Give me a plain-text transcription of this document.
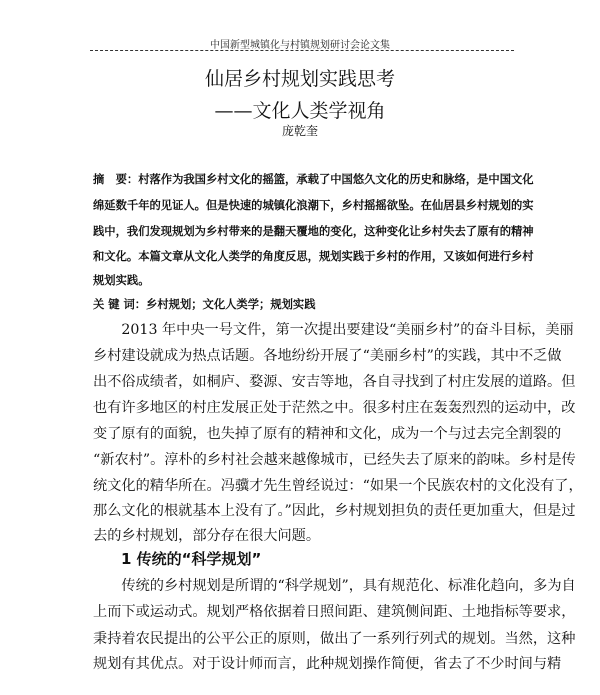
中国新型城镇化与村镇规划研讨会论文集
仙居乡村规划实践思考
——文化人类学视角
庞乾奎
摘　要：村落作为我国乡村文化的摇篮，承载了中国悠久文化的历史和脉络，是中国文化
绵延数千年的见证人。但是快速的城镇化浪潮下，乡村摇摇欲坠。在仙居县乡村规划的实
践中，我们发现规划为乡村带来的是翻天覆地的变化，这种变化让乡村失去了原有的精神
和文化。本篇文章从文化人类学的角度反思，规划实践于乡村的作用，又该如何进行乡村
规划实践。
关 键 词：乡村规划；文化人类学；规划实践
　　2013 年中央一号文件，第一次提出要建设“美丽乡村”的奋斗目标，美丽
乡村建设就成为热点话题。各地纷纷开展了“美丽乡村”的实践，其中不乏做
出不俗成绩者，如桐庐、婺源、安吉等地，各自寻找到了村庄发展的道路。但
也有许多地区的村庄发展正处于茫然之中。很多村庄在轰轰烈烈的运动中，改
变了原有的面貌，也失掉了原有的精神和文化，成为一个与过去完全割裂的
“新农村”。淳朴的乡村社会越来越像城市，已经失去了原来的韵味。乡村是传
统文化的精华所在。冯骥才先生曾经说过：“如果一个民族农村的文化没有了，
那么文化的根就基本上没有了。”因此，乡村规划担负的责任更加重大，但是过
去的乡村规划，部分存在很大问题。
1 传统的“科学规划”
　　传统的乡村规划是所谓的“科学规划”，具有规范化、标准化趋向，多为自
上而下或运动式。规划严格依据着日照间距、建筑侧间距、土地指标等要求，
秉持着农民提出的公平公正的原则，做出了一系列行列式的规划。当然，这种
规划有其优点。对于设计师而言，此种规划操作简便，省去了不少时间与精
